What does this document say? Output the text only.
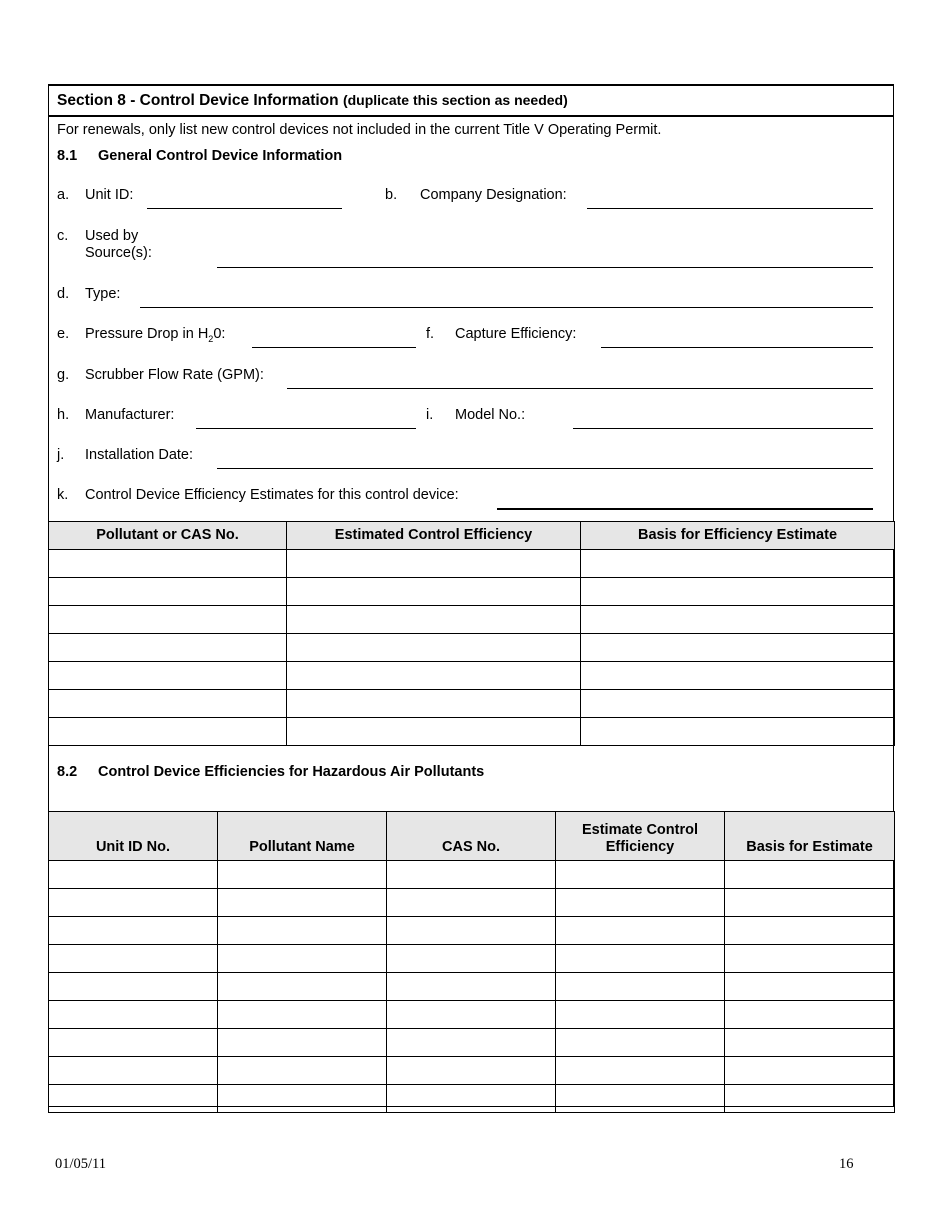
Section 8 - Control Device Information (duplicate this section as needed)
For renewals, only list new control devices not included in the current Title V Operating Permit.
8.1 General Control Device Information
a. Unit ID:	b. Company Designation:
c. Used by
Source(s):
d. Type:
e. Pressure Drop in $H_20$:	f. Capture Efficiency:
g. Scrubber Flow Rate (GPM):
h. Manufacturer:	i. Model No.:
j. Installation Date:
k. Control Device Efficiency Estimates for this control device:
Pollutant or CAS No.	Estimated Control Efficiency	Basis for Efficiency Estimate

8.2 Control Device Efficiencies for Hazardous Air Pollutants
Unit ID No.	Pollutant Name	CAS No.	Estimate Control Efficiency	Basis for Estimate

01/05/11	16
